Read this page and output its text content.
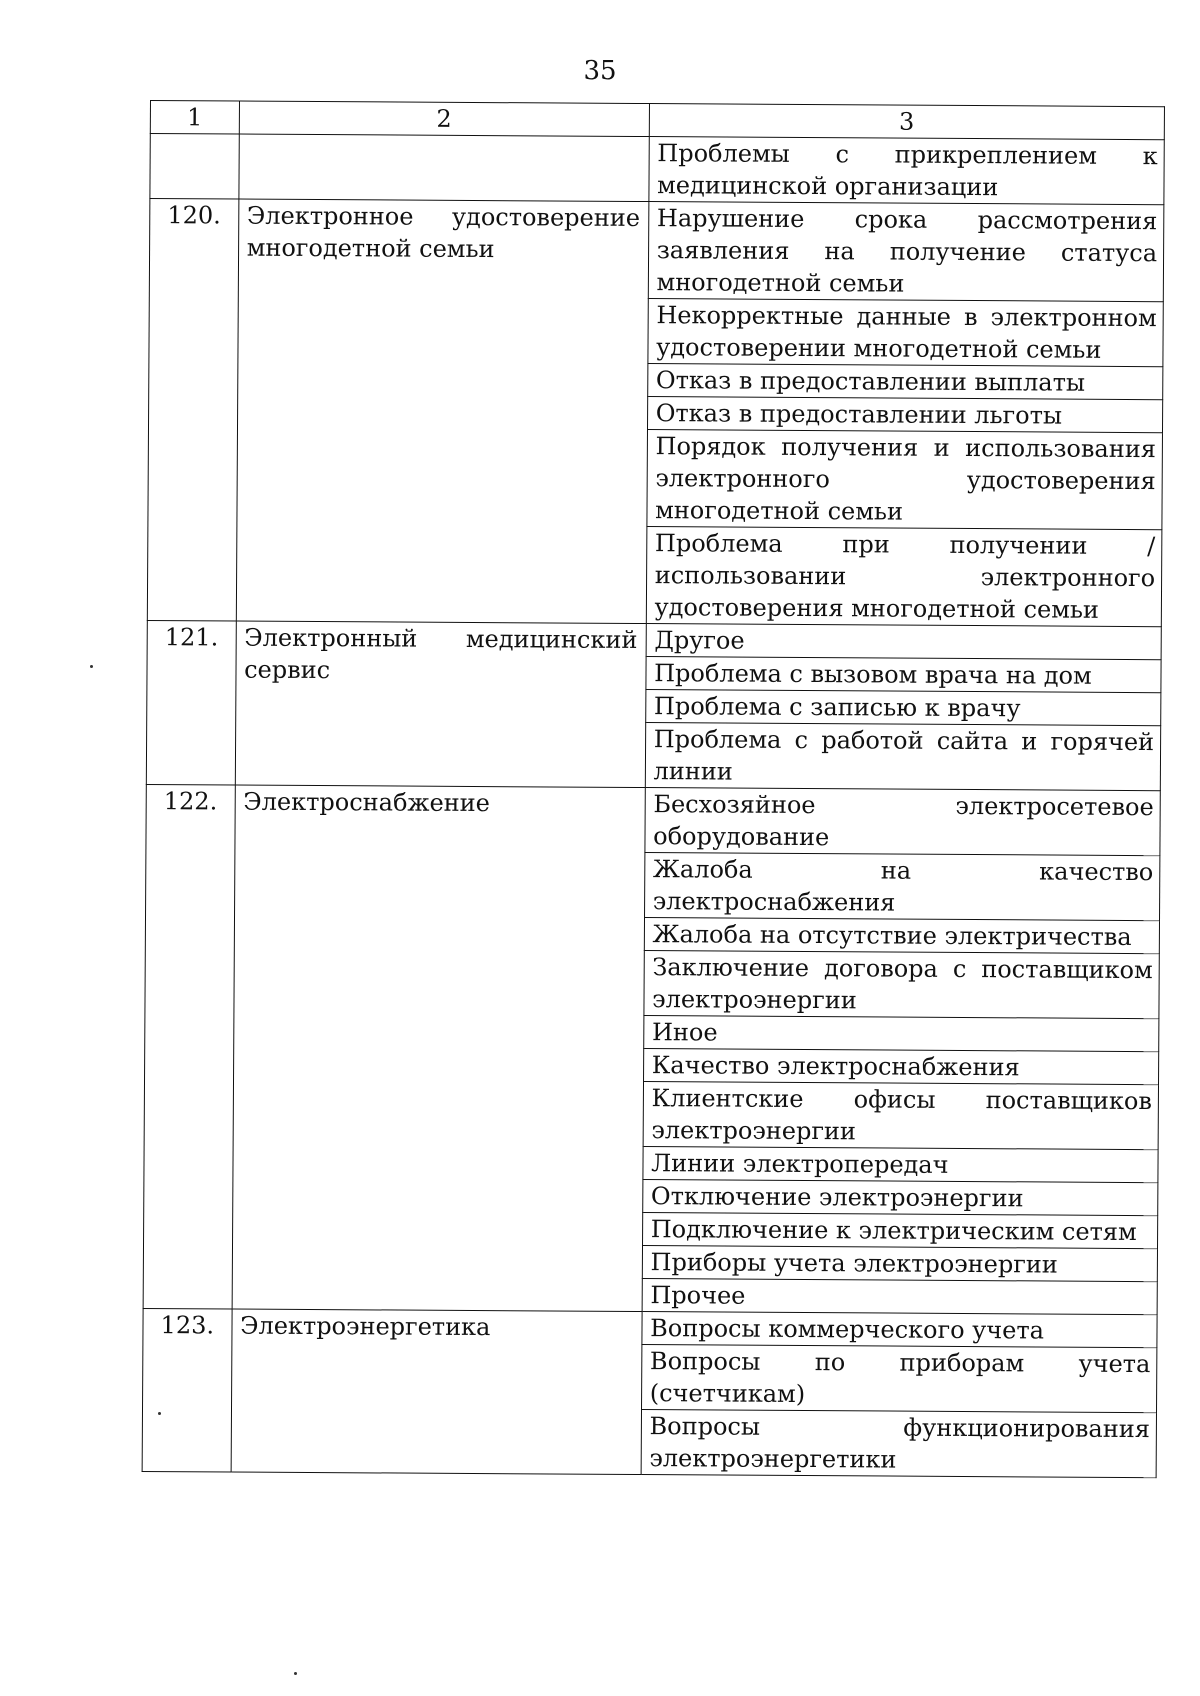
35
1	2	3
		Проблемы с прикреплением к медицинской организации
120.	Электронное удостоверение многодетной семьи	Нарушение срока рассмотрения заявления на получение статуса многодетной семьи
		Некорректные данные в электронном удостоверении многодетной семьи
		Отказ в предоставлении выплаты
		Отказ в предоставлении льготы
		Порядок получения и использования электронного удостоверения многодетной семьи
		Проблема при получении / использовании электронного удостоверения многодетной семьи
121.	Электронный медицинский сервис	Другое
		Проблема с вызовом врача на дом
		Проблема с записью к врачу
		Проблема с работой сайта и горячей линии
122.	Электроснабжение	Бесхозяйное электросетевое оборудование
		Жалоба на качество электроснабжения
		Жалоба на отсутствие электричества
		Заключение договора с поставщиком электроэнергии
		Иное
		Качество электроснабжения
		Клиентские офисы поставщиков электроэнергии
		Линии электропередач
		Отключение электроэнергии
		Подключение к электрическим сетям
		Приборы учета электроэнергии
		Прочее
123.	Электроэнергетика	Вопросы коммерческого учета
		Вопросы по приборам учета (счетчикам)
		Вопросы функционирования электроэнергетики
